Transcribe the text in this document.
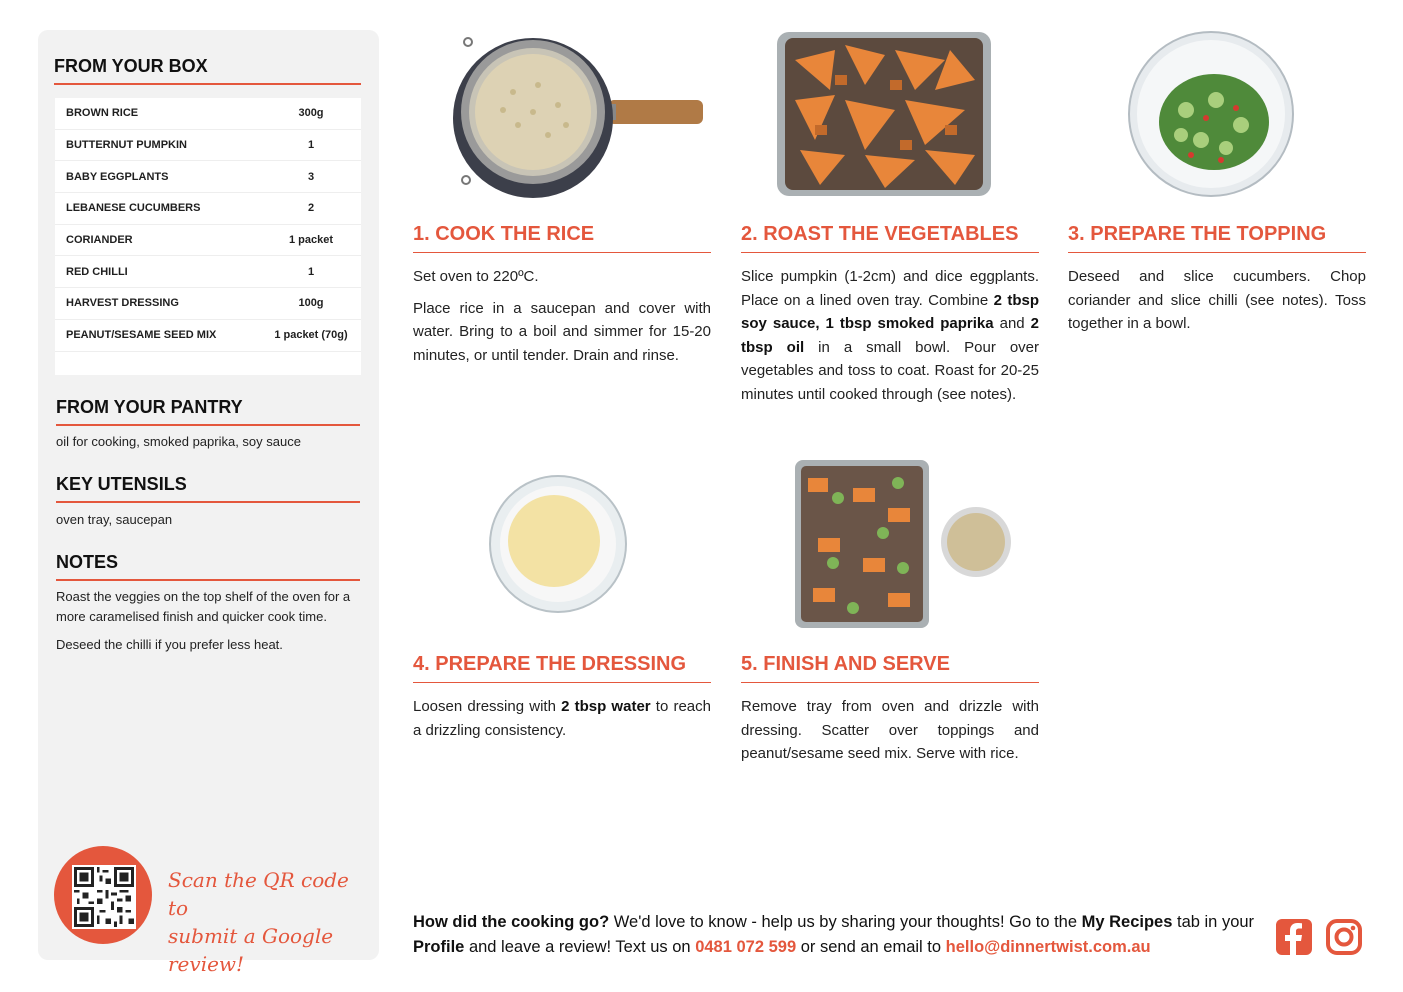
FROM YOUR BOX
BROWN RICE	300g
BUTTERNUT PUMPKIN	1
BABY EGGPLANTS	3
LEBANESE CUCUMBERS	2
CORIANDER	1 packet
RED CHILLI	1
HARVEST DRESSING	100g
PEANUT/SESAME SEED MIX	1 packet (70g)
FROM YOUR PANTRY
oil for cooking, smoked paprika, soy sauce
KEY UTENSILS
oven tray, saucepan
NOTES

Roast the veggies on the top shelf of the oven for a more caramelised finish and quicker cook time.

Deseed the chilli if you prefer less heat.

Scan the QR code to
submit a Google review!
1. COOK THE RICE

Set oven to 220ºC.

Place rice in a saucepan and cover with water. Bring to a boil and simmer for 15-20 minutes, or until tender. Drain and rinse.

2. ROAST THE VEGETABLES

Slice pumpkin (1-2cm) and dice eggplants. Place on a lined oven tray. Combine 2 tbsp soy sauce, 1 tbsp smoked paprika and 2 tbsp oil in a small bowl. Pour over vegetables and toss to coat. Roast for 20-25 minutes until cooked through (see notes).

3. PREPARE THE TOPPING

Deseed and slice cucumbers. Chop coriander and slice chilli (see notes). Toss together in a bowl.

4. PREPARE THE DRESSING

Loosen dressing with 2 tbsp water to reach a drizzling consistency.

5. FINISH AND SERVE

Remove tray from oven and drizzle with dressing. Scatter over toppings and peanut/sesame seed mix. Serve with rice.

How did the cooking go? We'd love to know - help us by sharing your thoughts! Go to the My Recipes tab in your Profile and leave a review! Text us on 0481 072 599 or send an email to hello@dinnertwist.com.au
